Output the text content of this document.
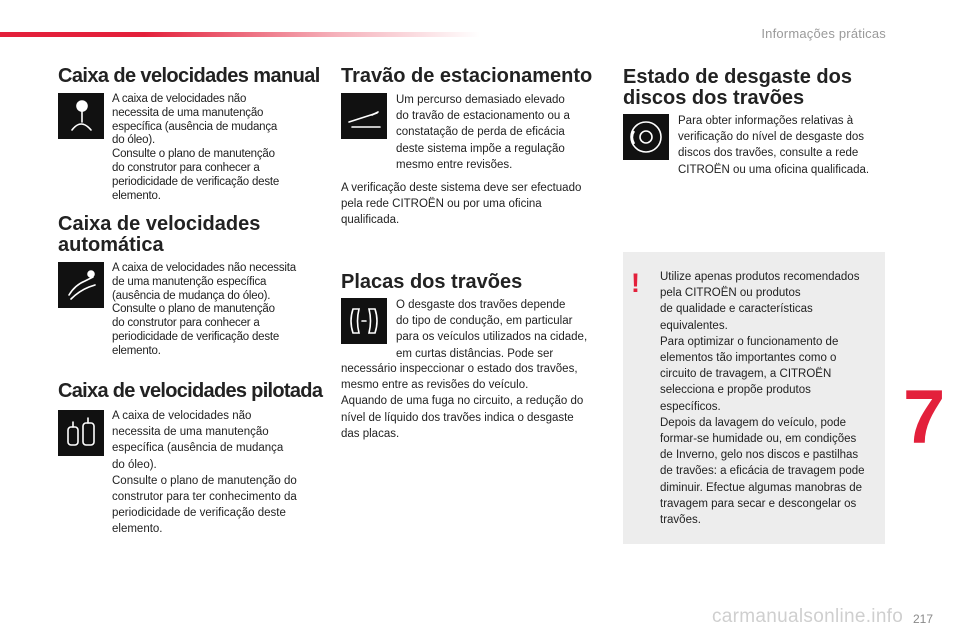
Informações práticas
Caixa de velocidades manual
A caixa de velocidades não
necessita de uma manutenção
específica (ausência de mudança
do óleo).
Consulte o plano de manutenção
do construtor para conhecer a
periodicidade de verificação deste
elemento.
Caixa de velocidades
automática
A caixa de velocidades não necessita
de uma manutenção específica
(ausência de mudança do óleo).
Consulte o plano de manutenção
do construtor para conhecer a
periodicidade de verificação deste
elemento.
Caixa de velocidades pilotada
A caixa de velocidades não
necessita de uma manutenção
específica (ausência de mudança
do óleo).
Consulte o plano de manutenção do
construtor para ter conhecimento da
periodicidade de verificação deste
elemento.
Travão de estacionamento
Um percurso demasiado elevado
do travão de estacionamento ou a
constatação de perda de eficácia
deste sistema impõe a regulação
mesmo entre revisões.
A verificação deste sistema deve ser efectuado
pela rede CITROËN ou por uma oficina
qualificada.
Placas dos travões
O desgaste dos travões depende
do tipo de condução, em particular
para os veículos utilizados na cidade,
em curtas distâncias. Pode ser
necessário inspeccionar o estado dos travões,
mesmo entre as revisões do veículo.
Aquando de uma fuga no circuito, a redução do
nível de líquido dos travões indica o desgaste
das placas.
Estado de desgaste dos
discos dos travões
Para obter informações relativas à
verificação do nível de desgaste dos
discos dos travões, consulte a rede
CITROËN ou uma oficina qualificada.
! Utilize apenas produtos recomendados
pela CITROËN ou produtos
de qualidade e características
equivalentes.
Para optimizar o funcionamento de
elementos tão importantes como o
circuito de travagem, a CITROËN
selecciona e propõe produtos
específicos.
Depois da lavagem do veículo, pode
formar-se humidade ou, em condições
de Inverno, gelo nos discos e pastilhas
de travões: a eficácia de travagem pode
diminuir. Efectue algumas manobras de
travagem para secar e descongelar os
travões.
7
carmanualsonline.info 217
